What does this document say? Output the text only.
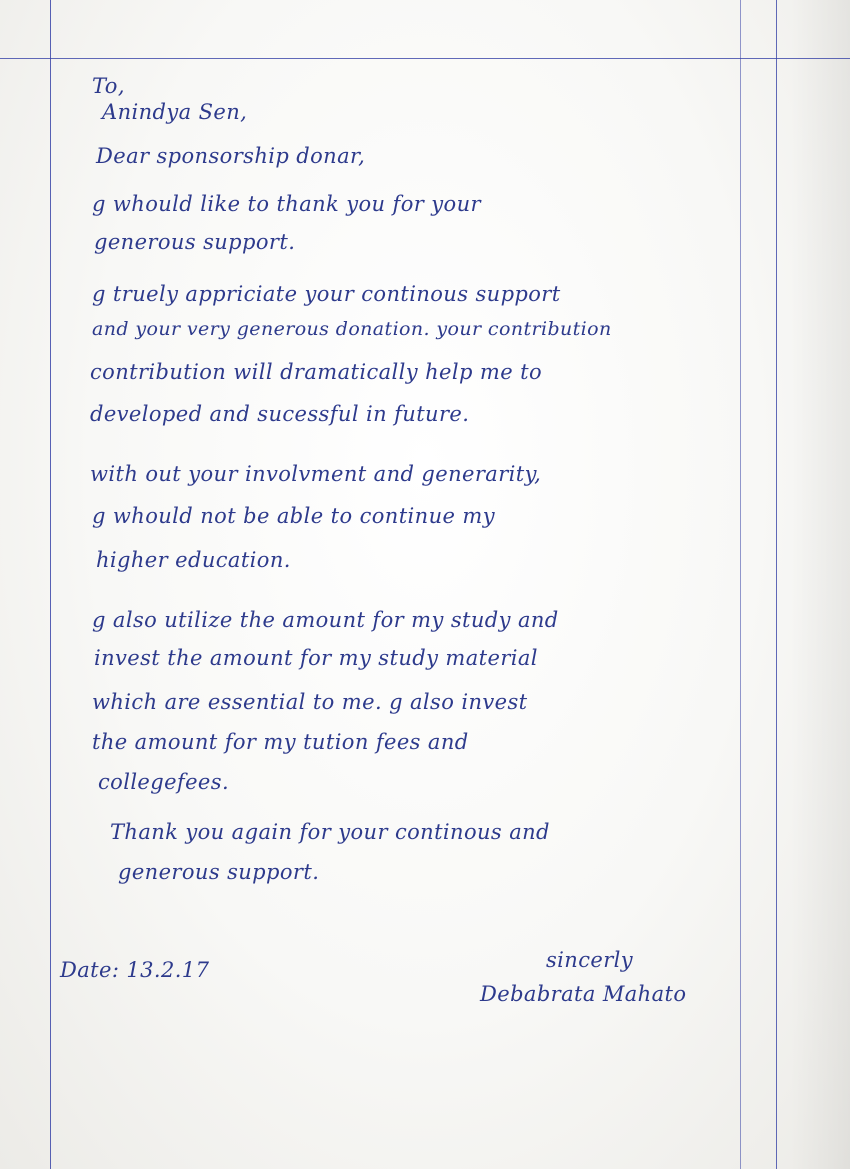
To,
Anindya Sen,
Dear sponsorship donar,
g whould like to thank you for your
generous support.
g truely appriciate your continous support
and your very generous donation. your contribution
contribution will dramatically help me to
developed and sucessful in future.
with out your involvment and generarity,
g whould not be able to continue my
higher education.
g also utilize the amount for my study and
invest the amount for my study material
which are essential to me. g also invest
the amount for my tution fees and
collegefees.
Thank you again for your continous and
generous support.
Date: 13.2.17	sincerly
Debabrata Mahato
